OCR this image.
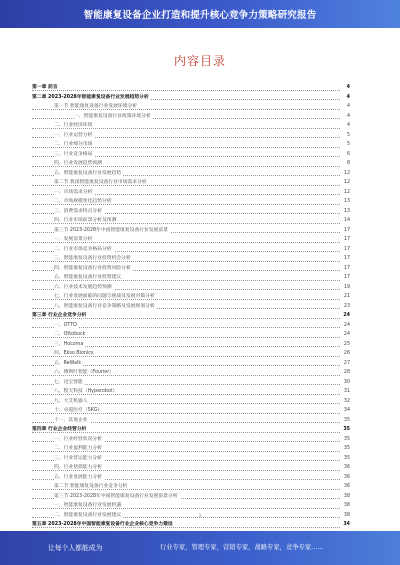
智能康复设备企业打造和提升核心竞争力策略研究报告
内容目录
第一章 前言	4
第二章 2023-2028年智能康复设备行业发展趋势分析	4
第一节 智能康复设备行业发展环境分析	4
一、智能康复设备行业政策环境分析	4
二、行业经济环境	4
一、行业运营分析	5
二、行业细分市场	5
三、行业竞争格局	6
四、行业发展趋势预测	8
五、智能康复设备行业发展趋势	12
第二节 我国智能康复设备行业市场需求分析	12
一、市场需求分析	12
二、市场规模变化趋势分析	13
三、消费需求特点分析	13
四、行业市场前景分析及预测	14
第三节 2023-2028年中国智能康复设备行业发展前景	17
一、发展前景分析	17
二、行业市场竞争格局分析	17
三、智能康复设备行业投资机会分析	17
四、智能康复设备行业投资风险分析	17
五、智能康复设备行业投资建议	17
六、行业技术发展趋势预测	19
七、行业发展面临的问题与挑战及发展对策分析	21
八、智能康复设备行业竞争策略及发展规划分析	23
第三章 行业企业竞争分析	24
一、OTTO	24
二、Ottobock	24
三、Hocoma	25
四、Ekso Bionics	26
五、ReWalk	27
六、傅利叶智能（Fourier）	28
七、迈宝智能	30
八、程天科技（Hyperobot）	31
九、大艾机器人	32
十、卓道医疗（SKG）	34
十一、其他企业	35
第四章 行业企业经营分析	35
一、行业经营状况分析	35
二、行业盈利能力分析	35
三、行业营运能力分析	35
四、行业偿债能力分析	36
五、行业发展能力分析	36
第二节 智能康复设备行业竞争分析	36
第三节 2023-2028年中国智能康复设备行业发展前景分析	38
一、智能康复设备行业发展机遇	38
二、智能康复设备行业发展建议	38
第五章 2023-2028年中国智能康复设备行业企业核心竞争力建设	34
1
让每个人都能成为	行业专家，管理专家，营销专家，战略专家，竞争专家……
